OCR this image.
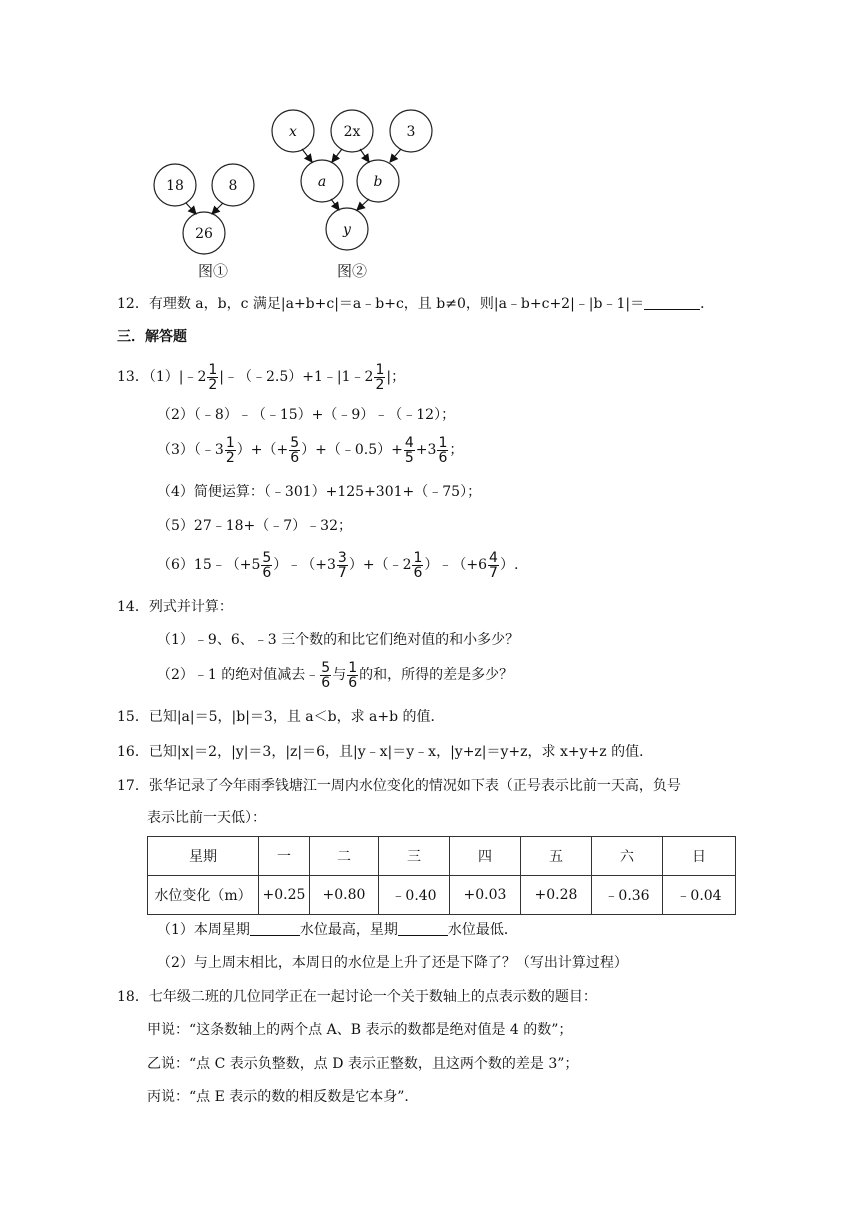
18	8
26
x	2x	3
a	b
y
图①	图②
12．有理数 a，b，c 满足|a+b+c|＝a﹣b+c，且 b≠0，则|a﹣b+c+2|﹣|b﹣1|＝	．
三．解答题
13．（1）|﹣2 $\frac{1}{2}$ |﹣（﹣2.5）+1﹣|1﹣2 $\frac{1}{2}$ |；
（2）（﹣8）﹣（﹣15）+（﹣9）﹣（﹣12）；
（3）（﹣3 $\frac{1}{2}$ ）+（+ $\frac{5}{6}$ ）+（﹣0.5）+ $\frac{4}{5} +3 \frac{1}{6}$ ；
（4）简便运算：（﹣301）+125+301+（﹣75）；
（5）27﹣18+（﹣7）﹣32；
（6）15﹣（+5 $\frac{5}{6}$ ）﹣（+3 $\frac{3}{7}$ ）+（﹣2 $\frac{1}{6}$ ）﹣（+6 $\frac{4}{7}$ ）.
14．列式并计算：
（1）﹣9、6、﹣3 三个数的和比它们绝对值的和小多少？
（2）﹣1 的绝对值减去﹣ $\frac{5}{6}$ 与 $\frac{1}{6}$ 的和，所得的差是多少？
15．已知|a|＝5，|b|＝3，且 a＜b，求 a+b 的值．
16．已知|x|＝2，|y|＝3，|z|＝6，且|y﹣x|＝y﹣x，|y+z|＝y+z，求 x+y+z 的值．
17．张华记录了今年雨季钱塘江一周内水位变化的情况如下表（正号表示比前一天高，负号
表示比前一天低）：
星期	一	二	三	四	五	六	日
水位变化（m）	+0.25	+0.80	﹣0.40	+0.03	+0.28	﹣0.36	﹣0.04
（1）本周星期	水位最高，星期	水位最低．
（2）与上周末相比，本周日的水位是上升了还是下降了？（写出计算过程）
18．七年级二班的几位同学正在一起讨论一个关于数轴上的点表示数的题目：
甲说：“这条数轴上的两个点 A、B 表示的数都是绝对值是 4 的数”；
乙说：“点 C 表示负整数，点 D 表示正整数，且这两个数的差是 3”；
丙说：“点 E 表示的数的相反数是它本身”．
